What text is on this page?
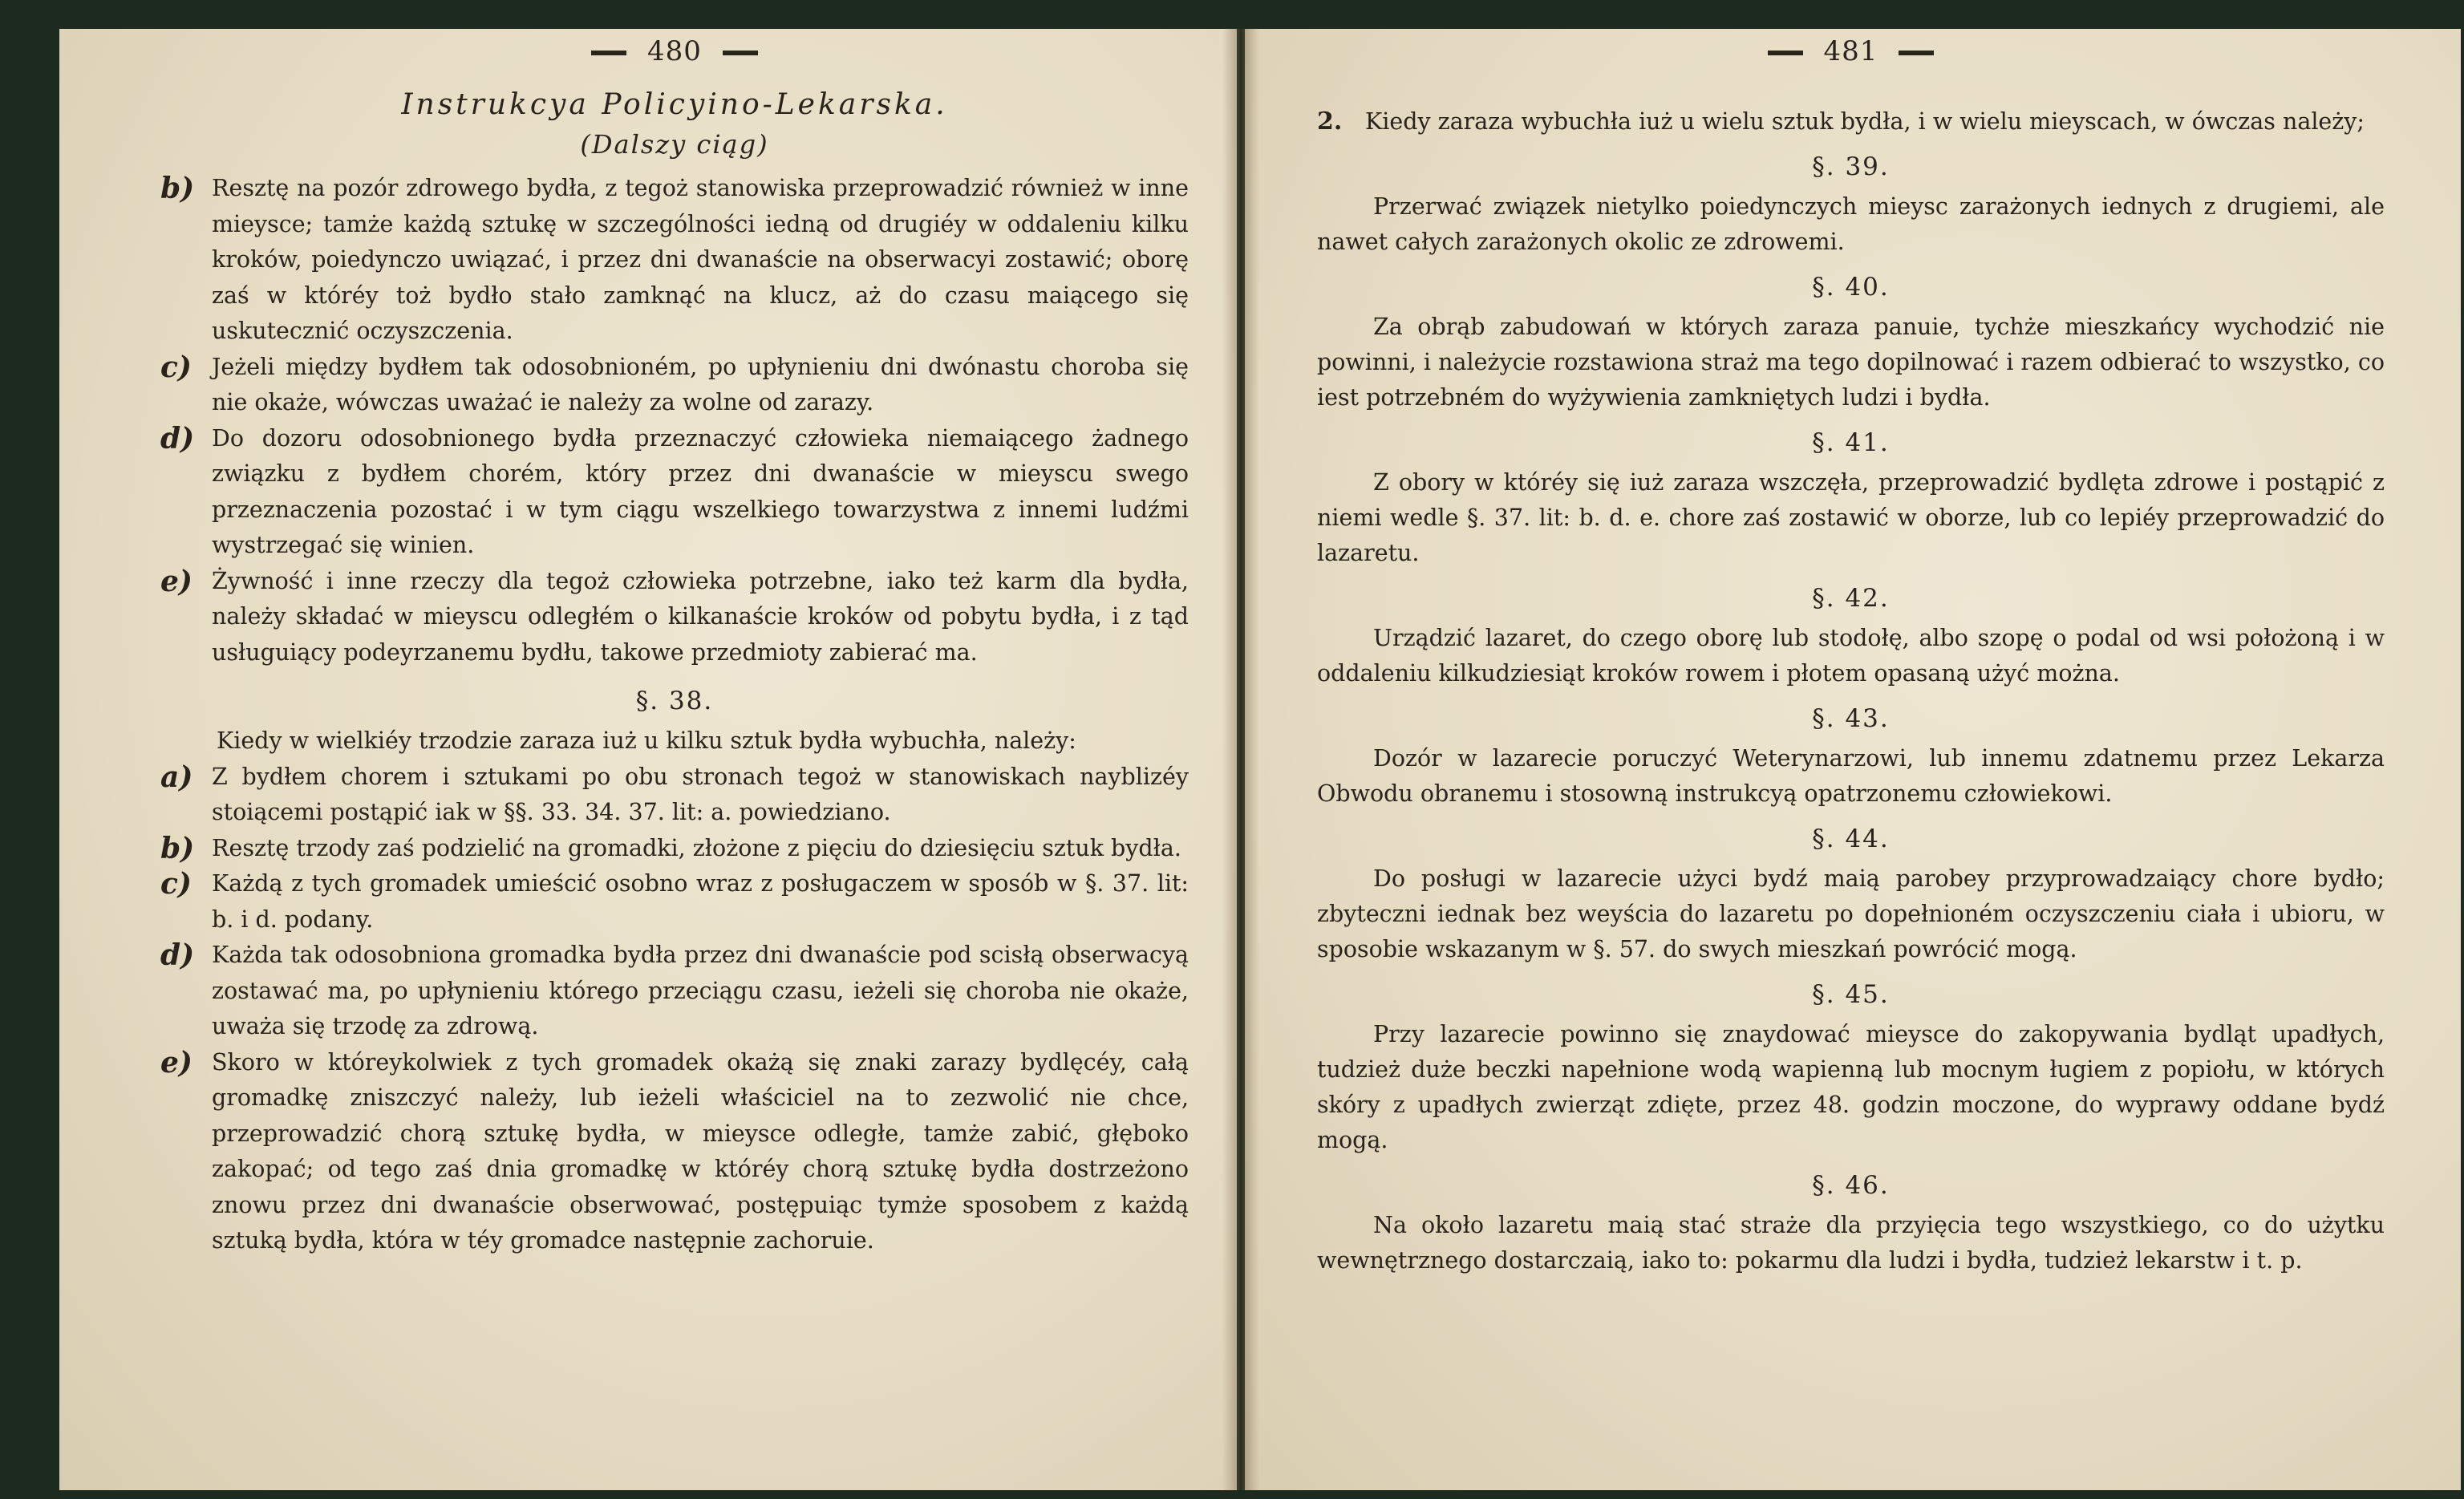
480
Instrukcya Policyino-Lekarska.
(Dalszy ciąg)
b) Resztę na pozór zdrowego bydła, z tegoż stanowiska przeprowadzić również w inne mieysce; tamże każdą sztukę w szczególności iedną od drugiéy w oddaleniu kilku kroków, poiedynczo uwiązać, i przez dni dwanaście na obserwacyi zostawić; oborę zaś w któréy toż bydło stało zamknąć na klucz, aż do czasu maiącego się uskutecznić oczyszczenia.
c) Jeżeli między bydłem tak odosobnioném, po upłynieniu dni dwónastu choroba się nie okaże, wówczas uważać ie należy za wolne od zarazy.
d) Do dozoru odosobnionego bydła przeznaczyć człowieka niemaiącego żadnego związku z bydłem chorém, który przez dni dwanaście w mieyscu swego przeznaczenia pozostać i w tym ciągu wszelkiego towarzystwa z innemi ludźmi wystrzegać się winien.
e) Żywność i inne rzeczy dla tegoż człowieka potrzebne, iako też karm dla bydła, należy składać w mieyscu odległém o kilkanaście kroków od pobytu bydła, i z tąd usługuiący podeyrzanemu bydłu, takowe przedmioty zabierać ma.
§. 38.
Kiedy w wielkiéy trzodzie zaraza iuż u kilku sztuk bydła wybuchła, należy:
a) Z bydłem chorem i sztukami po obu stronach tegoż w stanowiskach nayblizéy stoiącemi postąpić iak w §§. 33. 34. 37. lit: a. powiedziano.
b) Resztę trzody zaś podzielić na gromadki, złożone z pięciu do dziesięciu sztuk bydła.
c) Każdą z tych gromadek umieścić osobno wraz z posługaczem w sposób w §. 37. lit: b. i d. podany.
d) Każda tak odosobniona gromadka bydła przez dni dwanaście pod scisłą obserwacyą zostawać ma, po upłynieniu którego przeciągu czasu, ieżeli się choroba nie okaże, uważa się trzodę za zdrową.
e) Skoro w któreykolwiek z tych gromadek okażą się znaki zarazy bydlęcéy, całą gromadkę zniszczyć należy, lub ieżeli właściciel na to zezwolić nie chce, przeprowadzić chorą sztukę bydła, w mieysce odległe, tamże zabić, głęboko zakopać; od tego zaś dnia gromadkę w któréy chorą sztukę bydła dostrzeżono znowu przez dni dwanaście obserwować, postępuiąc tymże sposobem z każdą sztuką bydła, która w téy gromadce następnie zachoruie.
481
2. Kiedy zaraza wybuchła iuż u wielu sztuk bydła, i w wielu mieyscach, w ówczas należy;
§. 39.
Przerwać związek nietylko poiedynczych mieysc zarażonych iednych z drugiemi, ale nawet całych zarażonych okolic ze zdrowemi.
§. 40.
Za obrąb zabudowań w których zaraza panuie, tychże mieszkańcy wychodzić nie powinni, i należycie rozstawiona straż ma tego dopilnować i razem odbierać to wszystko, co iest potrzebném do wyżywienia zamkniętych ludzi i bydła.
§. 41.
Z obory w któréy się iuż zaraza wszczęła, przeprowadzić bydlęta zdrowe i postąpić z niemi wedle §. 37. lit: b. d. e. chore zaś zostawić w oborze, lub co lepiéy przeprowadzić do lazaretu.
§. 42.
Urządzić lazaret, do czego oborę lub stodołę, albo szopę o podal od wsi położoną i w oddaleniu kilkudziesiąt kroków rowem i płotem opasaną użyć można.
§. 43.
Dozór w lazarecie poruczyć Weterynarzowi, lub innemu zdatnemu przez Lekarza Obwodu obranemu i stosowną instrukcyą opatrzonemu człowiekowi.
§. 44.
Do posługi w lazarecie użyci bydź maią parobey przyprowadzaiący chore bydło; zbyteczni iednak bez weyścia do lazaretu po dopełnioném oczyszczeniu ciała i ubioru, w sposobie wskazanym w §. 57. do swych mieszkań powrócić mogą.
§. 45.
Przy lazarecie powinno się znaydować mieysce do zakopywania bydląt upadłych, tudzież duże beczki napełnione wodą wapienną lub mocnym ługiem z popiołu, w których skóry z upadłych zwierząt zdięte, przez 48. godzin moczone, do wyprawy oddane bydź mogą.
§. 46.
Na około lazaretu maią stać straże dla przyięcia tego wszystkiego, co do użytku wewnętrznego dostarczaią, iako to: pokarmu dla ludzi i bydła, tudzież lekarstw i t. p.
